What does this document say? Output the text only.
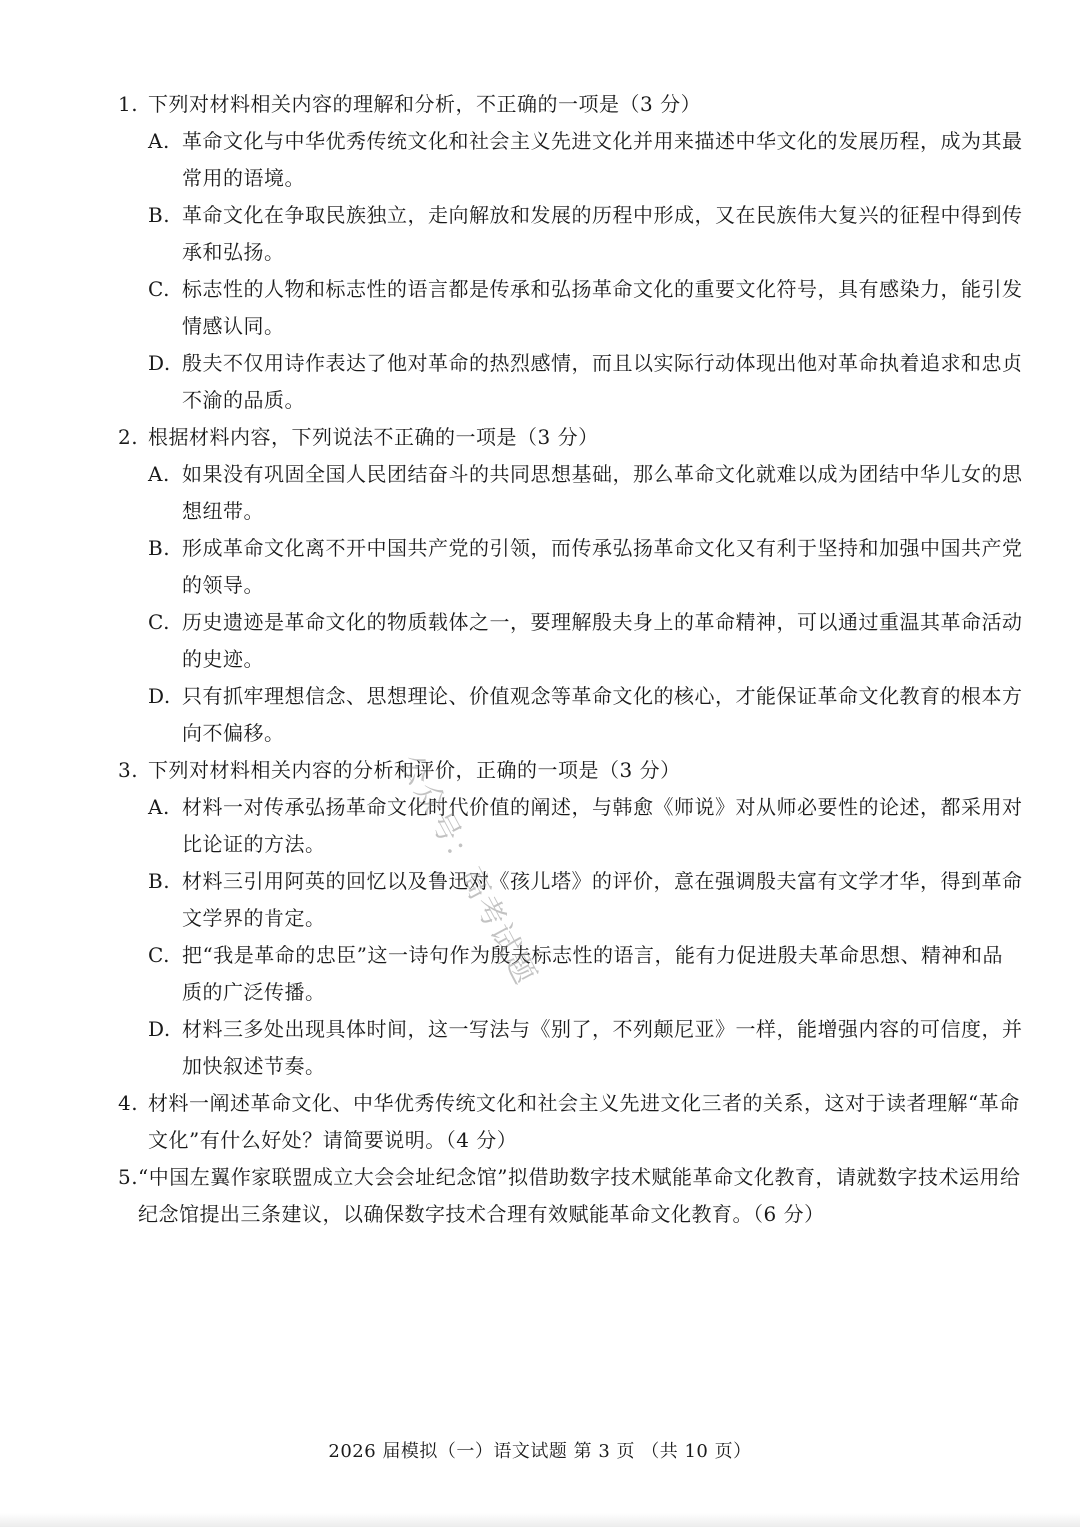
1. 下列对材料相关内容的理解和分析，不正确的一项是（3 分）
A. 革命文化与中华优秀传统文化和社会主义先进文化并用来描述中华文化的发展历程，成为其最常用的语境。
B. 革命文化在争取民族独立，走向解放和发展的历程中形成，又在民族伟大复兴的征程中得到传承和弘扬。
C. 标志性的人物和标志性的语言都是传承和弘扬革命文化的重要文化符号，具有感染力，能引发情感认同。
D. 殷夫不仅用诗作表达了他对革命的热烈感情，而且以实际行动体现出他对革命执着追求和忠贞不渝的品质。
2. 根据材料内容，下列说法不正确的一项是（3 分）
A. 如果没有巩固全国人民团结奋斗的共同思想基础，那么革命文化就难以成为团结中华儿女的思想纽带。
B. 形成革命文化离不开中国共产党的引领，而传承弘扬革命文化又有利于坚持和加强中国共产党的领导。
C. 历史遗迹是革命文化的物质载体之一，要理解殷夫身上的革命精神，可以通过重温其革命活动的史迹。
D. 只有抓牢理想信念、思想理论、价值观念等革命文化的核心，才能保证革命文化教育的根本方向不偏移。
3. 下列对材料相关内容的分析和评价，正确的一项是（3 分）
A. 材料一对传承弘扬革命文化时代价值的阐述，与韩愈《师说》对从师必要性的论述，都采用对比论证的方法。
B. 材料三引用阿英的回忆以及鲁迅对《孩儿塔》的评价，意在强调殷夫富有文学才华，得到革命文学界的肯定。
C. 把“我是革命的忠臣”这一诗句作为殷夫标志性的语言，能有力促进殷夫革命思想、精神和品质的广泛传播。
D. 材料三多处出现具体时间，这一写法与《别了，不列颠尼亚》一样，能增强内容的可信度，并加快叙述节奏。
4. 材料一阐述革命文化、中华优秀传统文化和社会主义先进文化三者的关系，这对于读者理解“革命文化”有什么好处？请简要说明。（4 分）
5. “中国左翼作家联盟成立大会会址纪念馆”拟借助数字技术赋能革命文化教育，请就数字技术运用给纪念馆提出三条建议，以确保数字技术合理有效赋能革命文化教育。（6 分）
公众号：高考试题
2026 届模拟（一）语文试题 第 3 页 （共 10 页）
